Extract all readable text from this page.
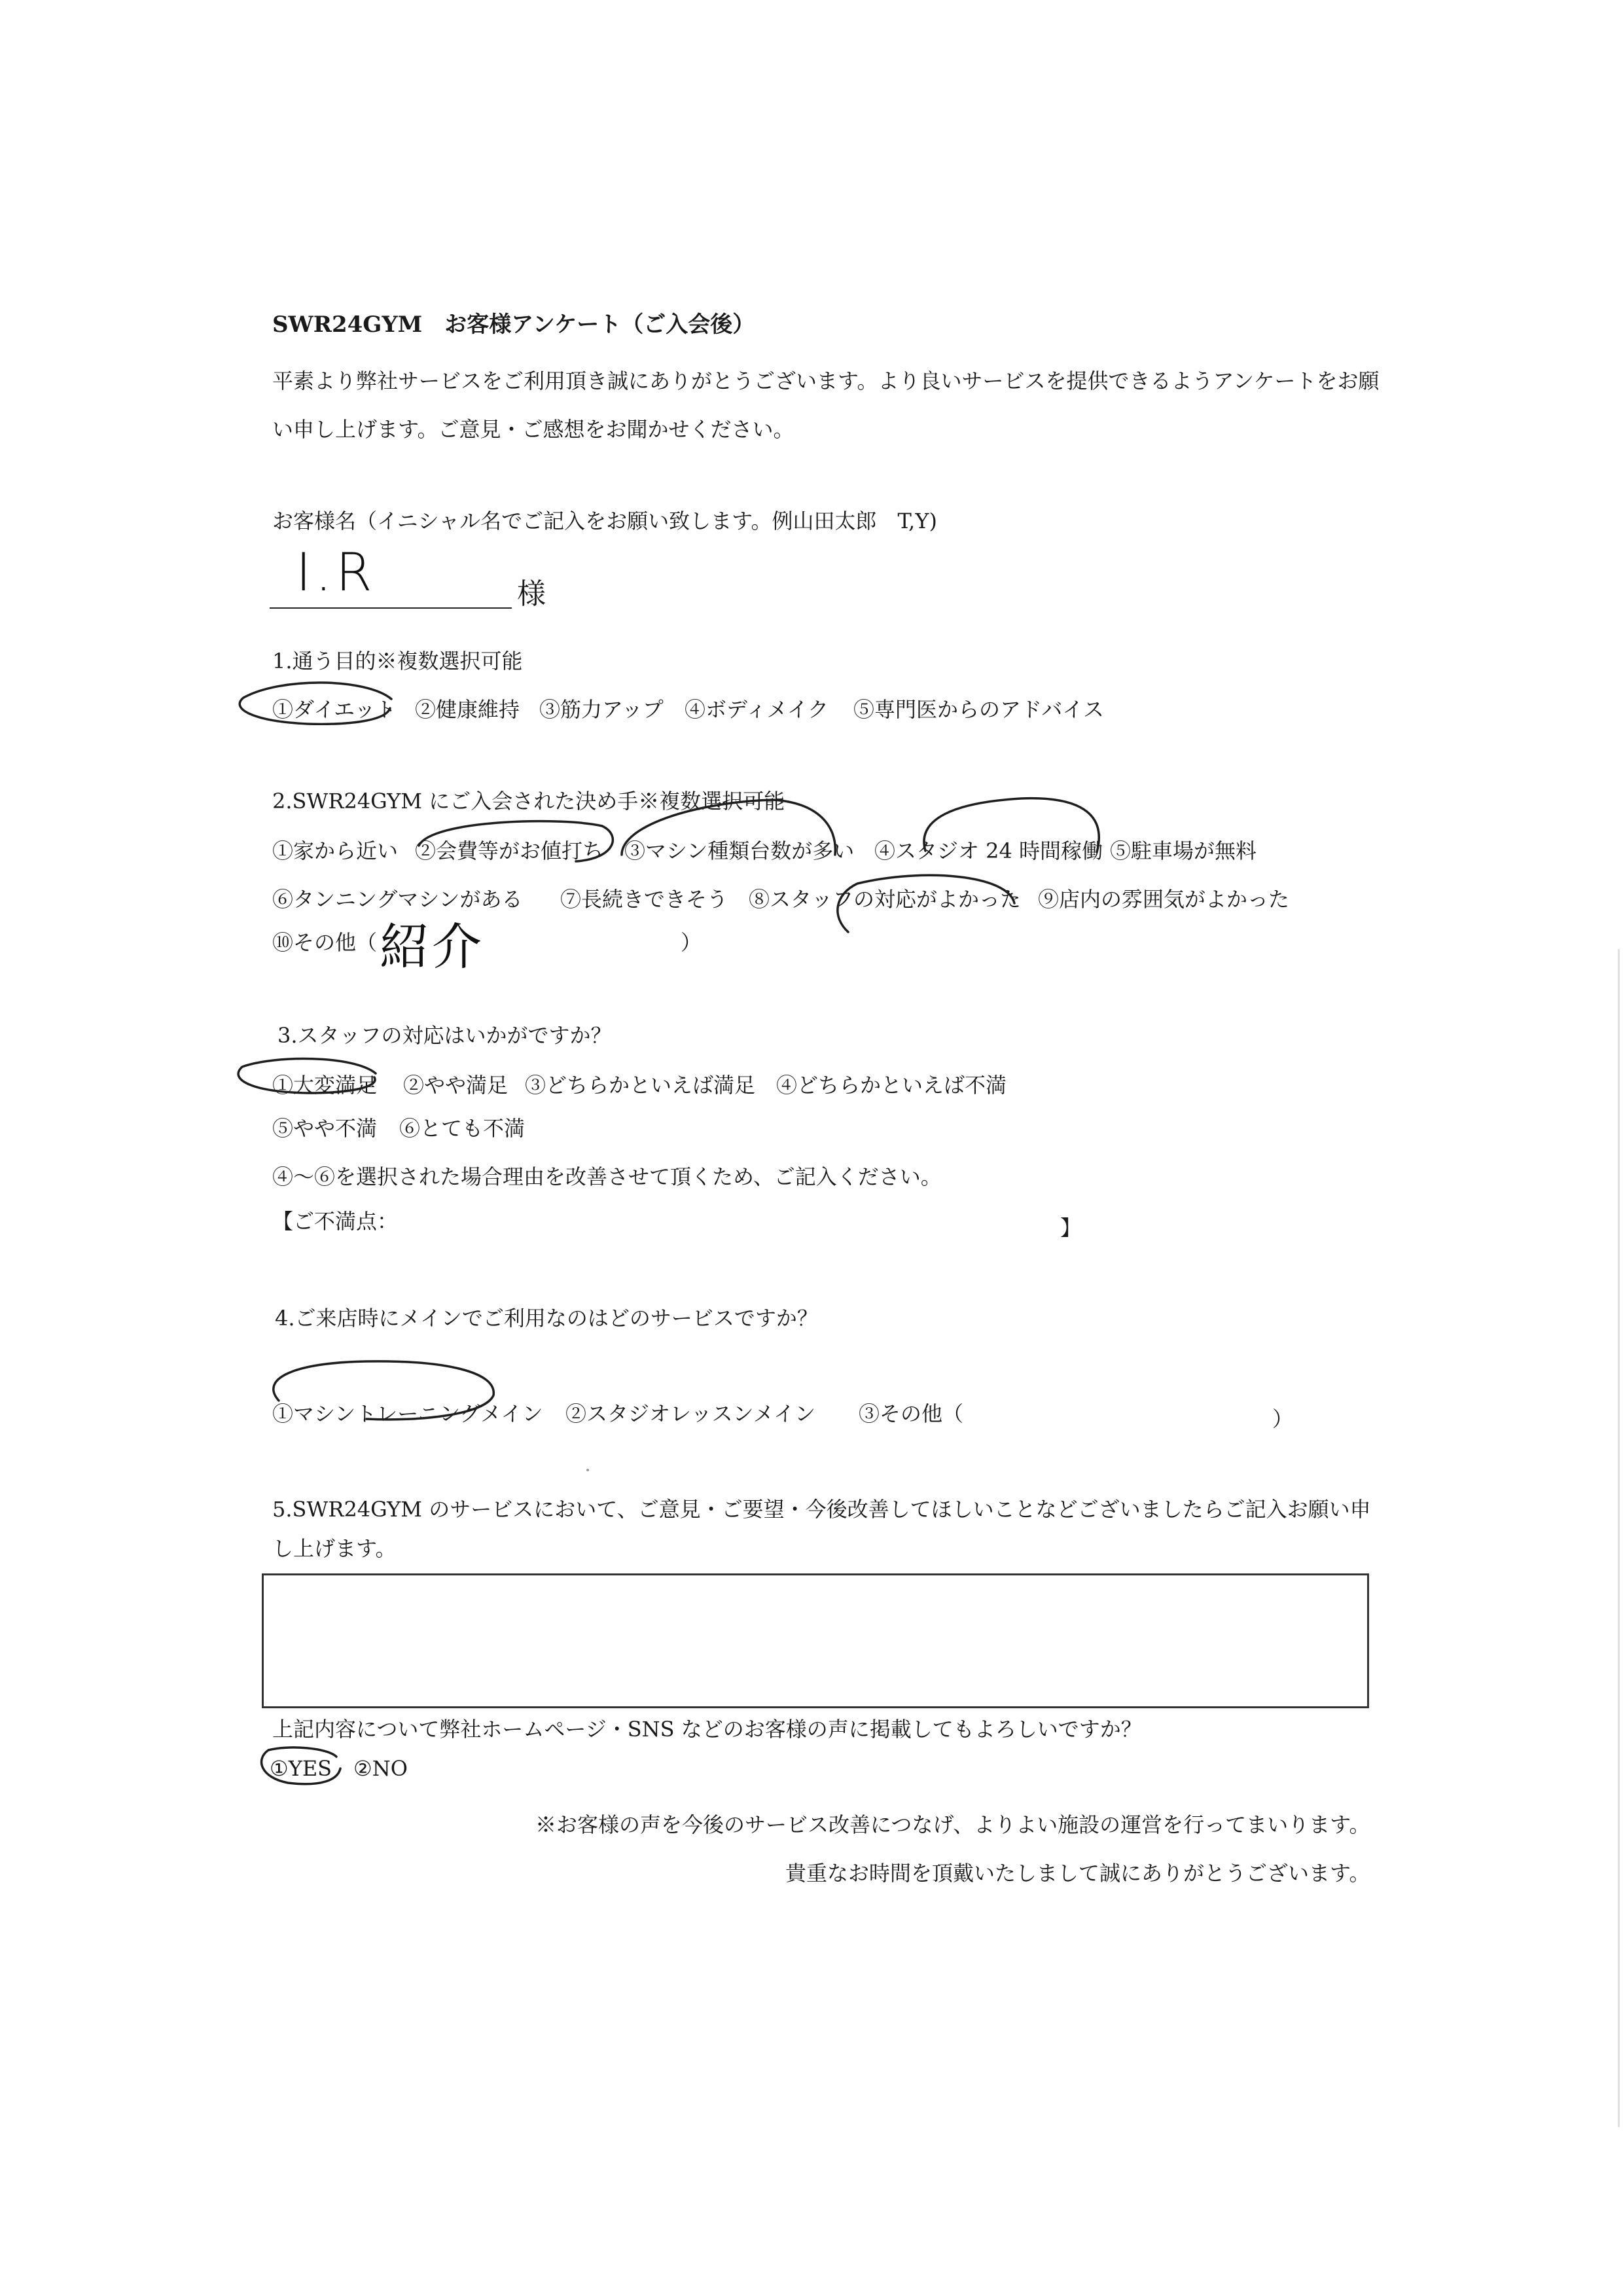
SWR24GYM　お客様アンケート（ご入会後）
平素より弊社サービスをご利用頂き誠にありがとうございます。より良いサービスを提供できるようアンケートをお願
い申し上げます。ご意見・ご感想をお聞かせください。
お客様名（イニシャル名でご記入をお願い致します。例山田太郎　T,Y)
I.R	様
1.通う目的※複数選択可能
①ダイエット ②健康維持 ③筋力アップ ④ボディメイク ⑤専門医からのアドバイス
2.SWR24GYM にご入会された決め手※複数選択可能
①家から近い ②会費等がお値打ち ③マシン種類台数が多い ④スタジオ 24 時間稼働 ⑤駐車場が無料
⑥タンニングマシンがある ⑦長続きできそう ⑧スタッフの対応がよかった ⑨店内の雰囲気がよかった
⑩その他（ 紹介	）
3.スタッフの対応はいかがですか？
①大変満足 ②やや満足 ③どちらかといえば満足 ④どちらかといえば不満
⑤やや不満 ⑥とても不満
④～⑥を選択された場合理由を改善させて頂くため、ご記入ください。
【ご不満点：	】
4.ご来店時にメインでご利用なのはどのサービスですか？
①マシントレーニングメイン ②スタジオレッスンメイン ③その他（	）
5.SWR24GYM のサービスにおいて、ご意見・ご要望・今後改善してほしいことなどございましたらご記入お願い申
し上げます。
上記内容について弊社ホームページ・SNS などのお客様の声に掲載してもよろしいですか？
①YES ②NO
※お客様の声を今後のサービス改善につなげ、よりよい施設の運営を行ってまいります。
貴重なお時間を頂戴いたしまして誠にありがとうございます。
